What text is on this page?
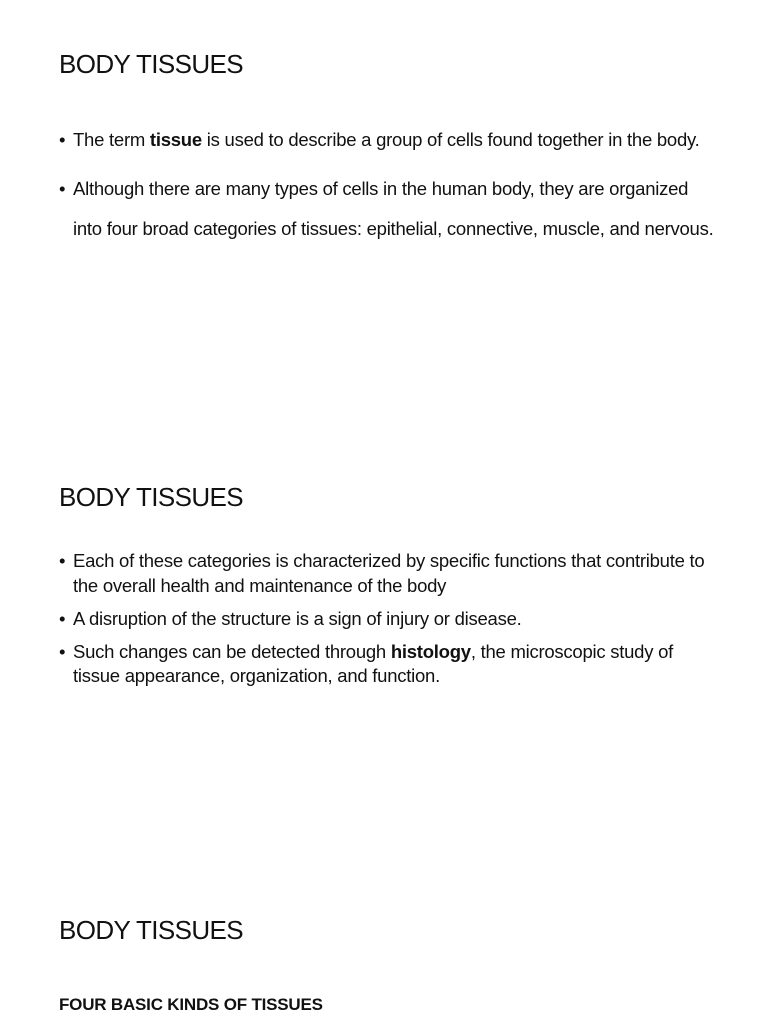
BODY TISSUES
• The term tissue is used to describe a group of cells found together in the body.
• Although there are many types of cells in the human body, they are organized into four broad categories of tissues: epithelial, connective, muscle, and nervous.
BODY TISSUES
• Each of these categories is characterized by specific functions that contribute to the overall health and maintenance of the body
• A disruption of the structure is a sign of injury or disease.
• Such changes can be detected through histology, the microscopic study of tissue appearance, organization, and function.
BODY TISSUES
FOUR BASIC KINDS OF TISSUES
